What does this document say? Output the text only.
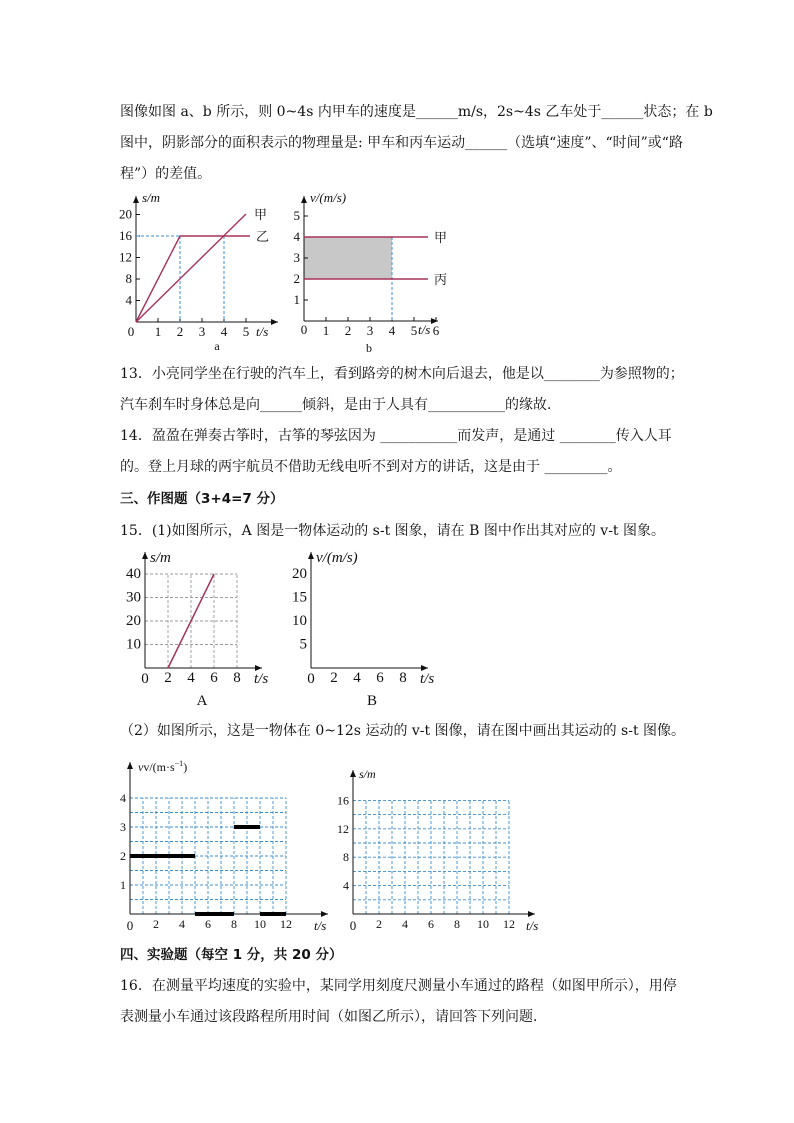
图像如图 a、b 所示，则 0~4s 内甲车的速度是______m/s，2s~4s 乙车处于______状态；在 b
图中，阴影部分的面积表示的物理量是: 甲车和丙车运动______（选填“速度”、“时间”或“路
程”）的差值。
4
8
12
16
20
1 2 3 4 5
甲
乙
s/m
t/s
0
a
1
2
3
4
5
1 2 3 4 5 6
甲
丙
v/(m/s)
t/s
0
b
13．小亮同学坐在行驶的汽车上，看到路旁的树木向后退去，他是以________为参照物的；
汽车刹车时身体总是向______倾斜，是由于人具有___________的缘故．
14．盈盈在弹奏古筝时，古筝的琴弦因为 ___________而发声，是通过 ________传入人耳
的。登上月球的两宇航员不借助无线电听不到对方的讲话，这是由于 _________。
三、作图题（3+4=7 分）
15．(1)如图所示，A 图是一物体运动的 s-t 图象，请在 B 图中作出其对应的 v-t 图象。
10
20
30
40
2 4 6 8
s/m
t/s
0
A
5
10
15
20
2 4 6 8
v/(m/s)
t/s
0
B
（2）如图所示，这是一物体在 0~12s 运动的 v-t 图像，请在图中画出其运动的 s-t 图像。
1
2
3
4
2 4 6 8 10 12
$vv/(m\cdot s^{-1})$
t/s
0
4
8
12
16
2 4 6 8 10 12
s/m
t/s
0
四、实验题（每空 1 分，共 20 分）
16．在测量平均速度的实验中，某同学用刻度尺测量小车通过的路程（如图甲所示），用停
表测量小车通过该段路程所用时间（如图乙所示），请回答下列问题．
